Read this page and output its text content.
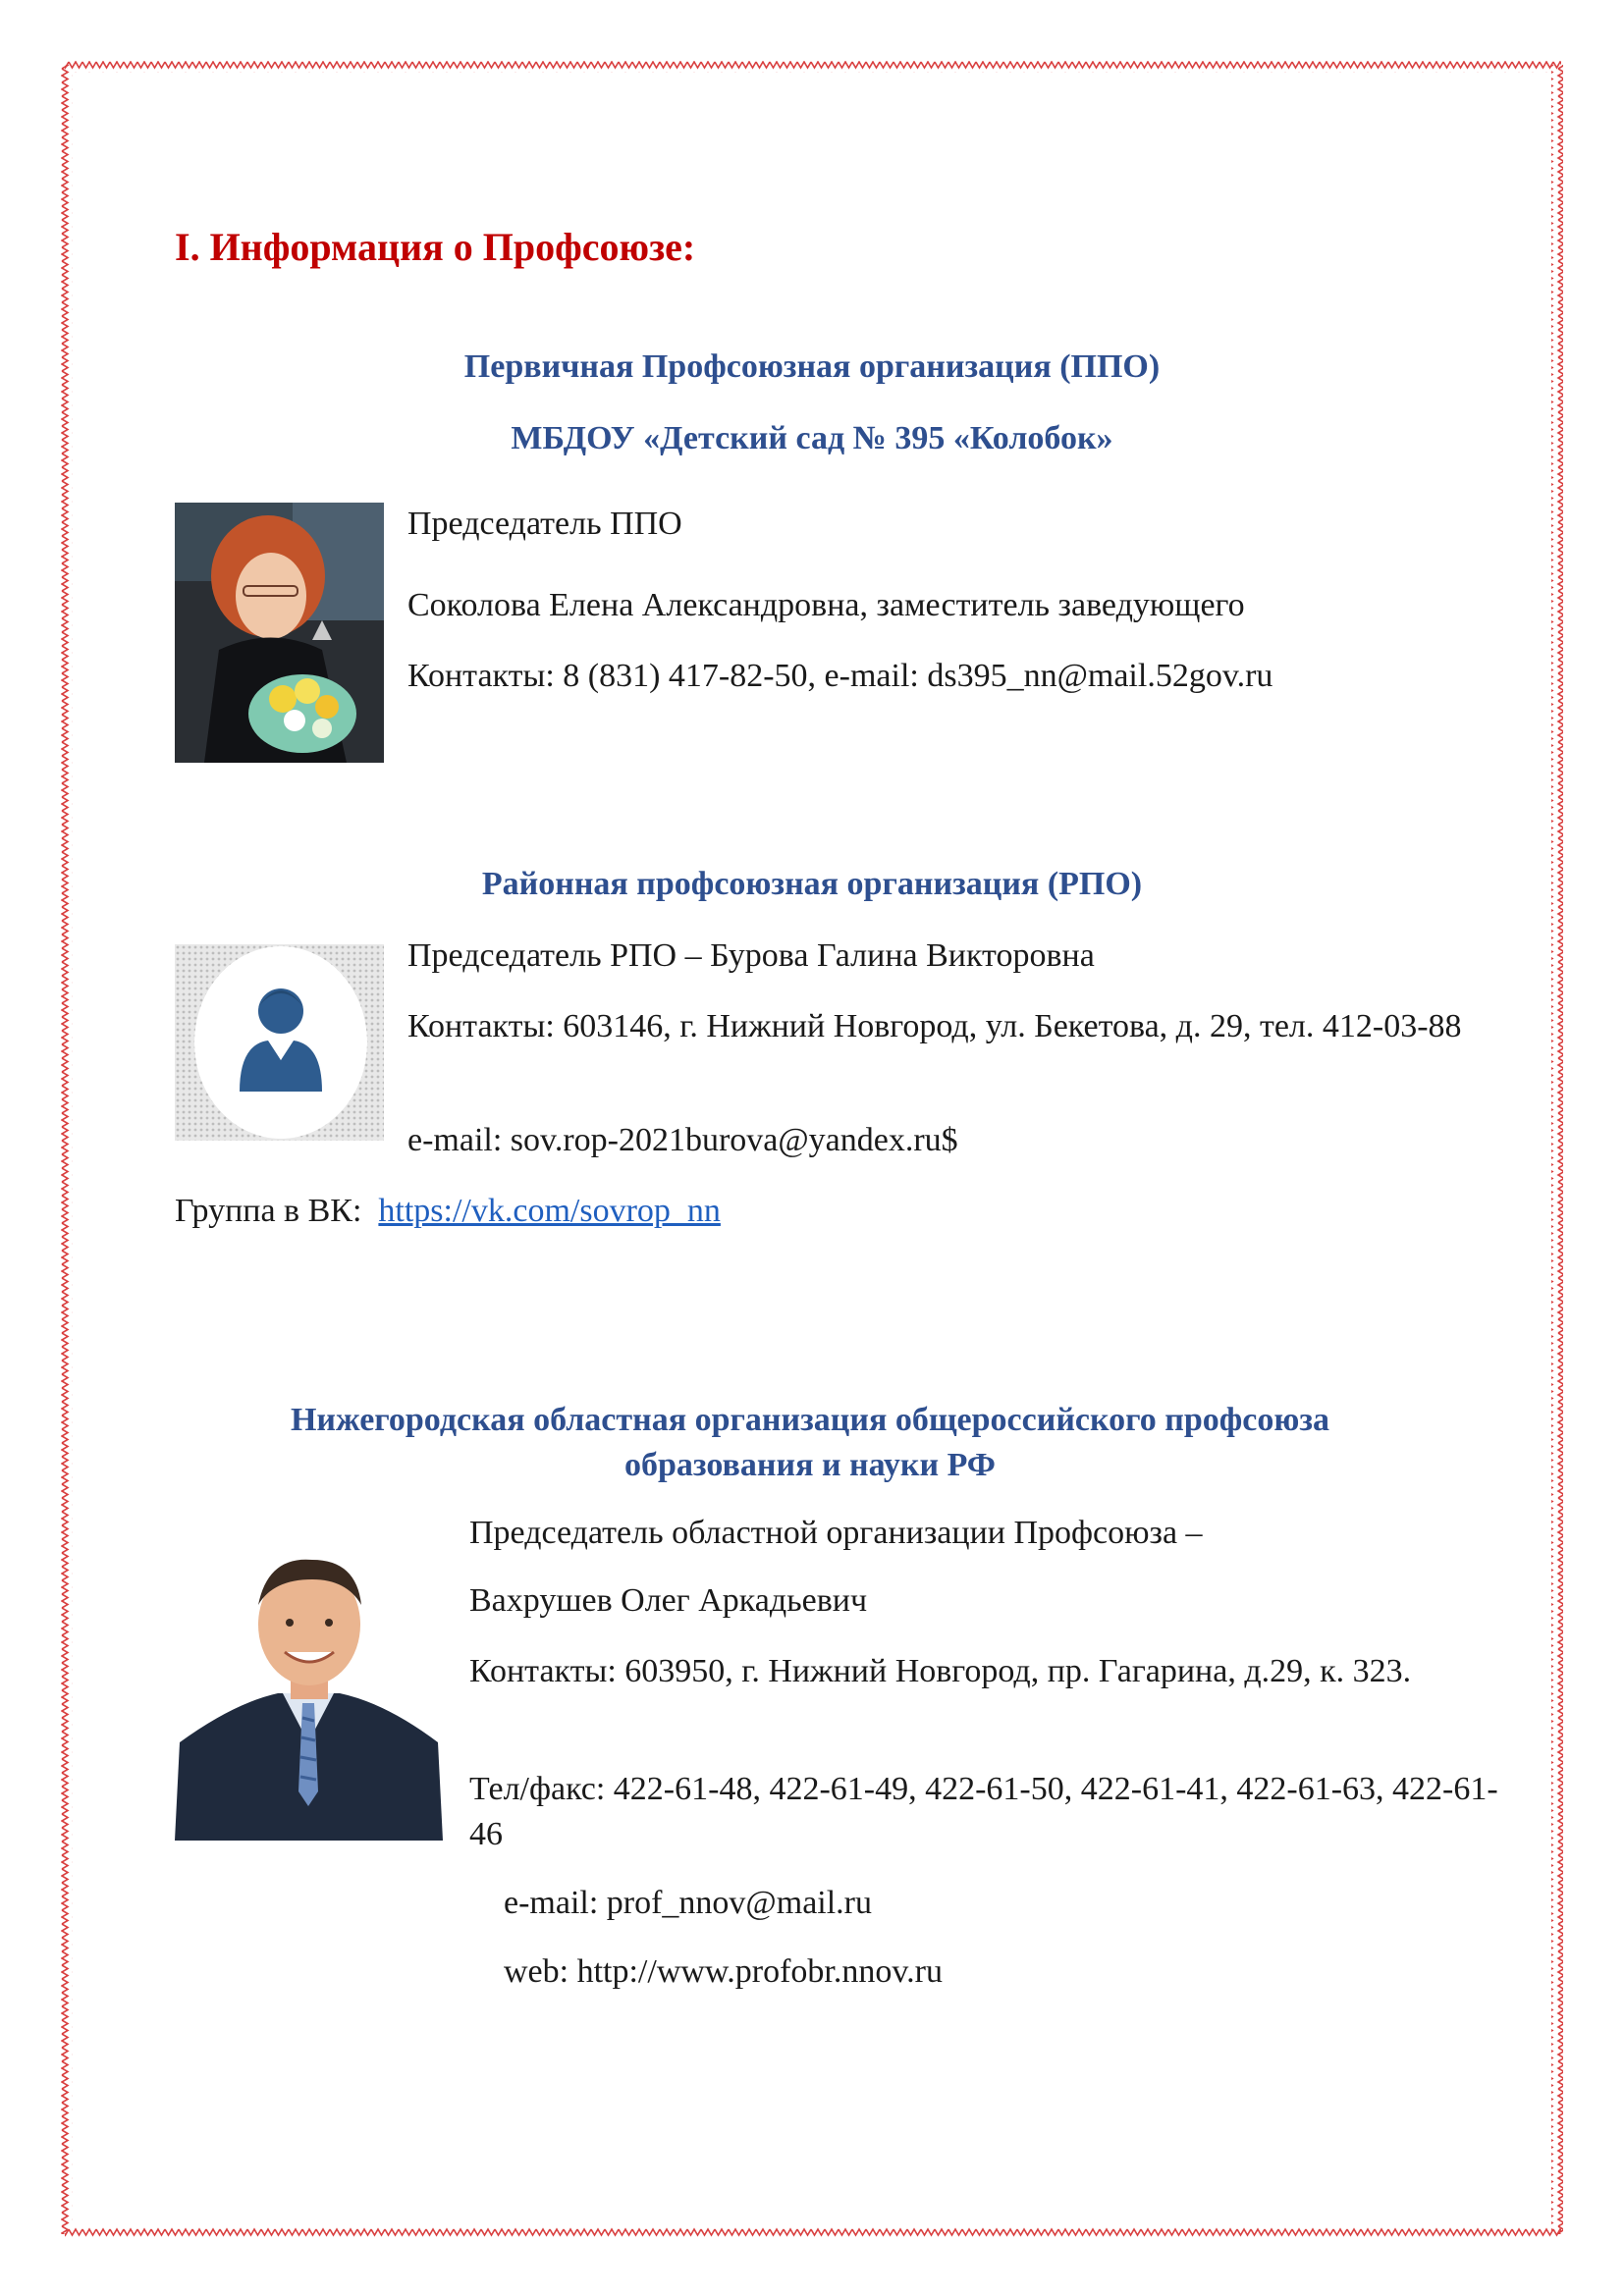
I. Информация о Профсоюзе:
Первичная Профсоюзная организация (ППО)
МБДОУ «Детский сад № 395 «Колобок»
Председатель ППО
Соколова Елена Александровна, заместитель заведующего
Контакты: 8 (831) 417-82-50, e-mail: ds395_nn@mail.52gov.ru
Районная профсоюзная организация (РПО)
Председатель РПО – Бурова Галина Викторовна
Контакты: 603146, г. Нижний Новгород, ул. Бекетова, д. 29, тел. 412-03-88
e-mail: sov.rop-2021burova@yandex.ru$
Группа в ВК: https://vk.com/sovrop_nn
Нижегородская областная организация общероссийского профсоюза образования и науки РФ
Председатель областной организации Профсоюза –
Вахрушев Олег Аркадьевич
Контакты: 603950, г. Нижний Новгород, пр. Гагарина, д.29, к. 323.
Тел/факс: 422-61-48, 422-61-49, 422-61-50, 422-61-41, 422-61-63, 422-61-46
e-mail: prof_nnov@mail.ru
web: http://www.profobr.nnov.ru
